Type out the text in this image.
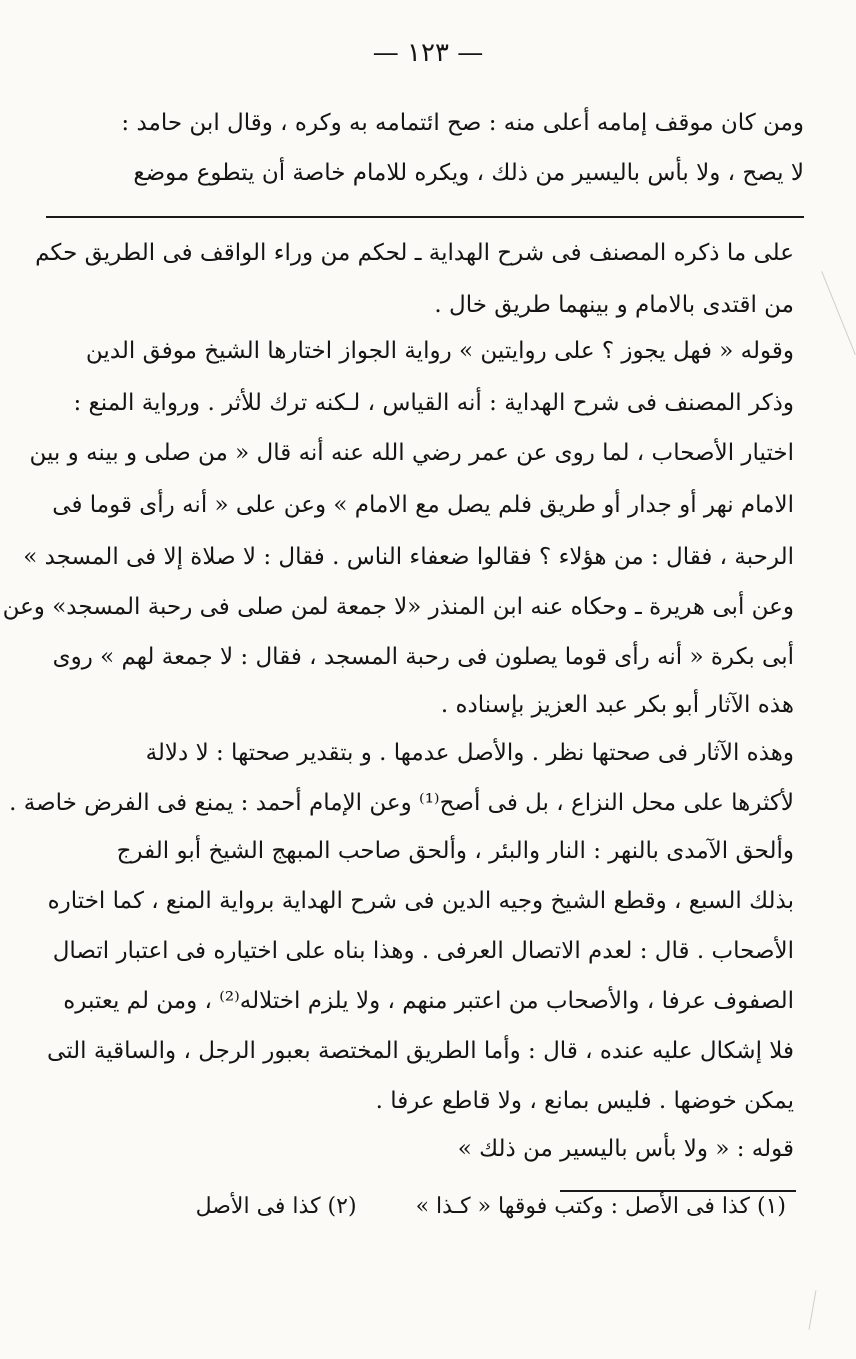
— ١٢٣ —
ومن كان موقف إمامه أعلى منه : صح ائتمامه به وكره ، وقال ابن حامد :
لا يصح ، ولا بأس باليسير من ذلك ، ويكره للامام خاصة أن يتطوع موضع
على ما ذكره المصنف فى شرح الهداية ـ لحكم من وراء الواقف فى الطريق حكم
من اقتدى بالامام و بينهما طريق خال .
وقوله « فهل يجوز ؟ على روايتين » رواية الجواز اختارها الشيخ موفق الدين
وذكر المصنف فى شرح الهداية : أنه القياس ، لـكنه ترك للأثر . ورواية المنع :
اختيار الأصحاب ، لما روى عن عمر رضي الله عنه أنه قال « من صلى و بينه و بين
الامام نهر أو جدار أو طريق فلم يصل مع الامام » وعن على « أنه رأى قوما فى
الرحبة ، فقال : من هؤلاء ؟ فقالوا ضعفاء الناس . فقال : لا صلاة إلا فى المسجد »
وعن أبى هريرة ـ وحكاه عنه ابن المنذر «لا جمعة لمن صلى فى رحبة المسجد» وعن
أبى بكرة « أنه رأى قوما يصلون فى رحبة المسجد ، فقال : لا جمعة لهم » روى
هذه الآثار أبو بكر عبد العزيز بإسناده .
وهذه الآثار فى صحتها نظر . والأصل عدمها . و بتقدير صحتها : لا دلالة
لأكثرها على محل النزاع ، بل فى أصح⁽¹⁾ وعن الإمام أحمد : يمنع فى الفرض خاصة .
وألحق الآمدى بالنهر : النار والبئر ، وألحق صاحب المبهج الشيخ أبو الفرج
بذلك السبع ، وقطع الشيخ وجيه الدين فى شرح الهداية برواية المنع ، كما اختاره
الأصحاب . قال : لعدم الاتصال العرفى . وهذا بناه على اختياره فى اعتبار اتصال
الصفوف عرفا ، والأصحاب من اعتبر منهم ، ولا يلزم اختلاله⁽²⁾ ، ومن لم يعتبره
فلا إشكال عليه عنده ، قال : وأما الطريق المختصة بعبور الرجل ، والساقية التى
يمكن خوضها . فليس بمانع ، ولا قاطع عرفا .
قوله : « ولا بأس باليسير من ذلك »
(١) كذا فى الأصل : وكتب فوقها « كـذا » (٢) كذا فى الأصل
